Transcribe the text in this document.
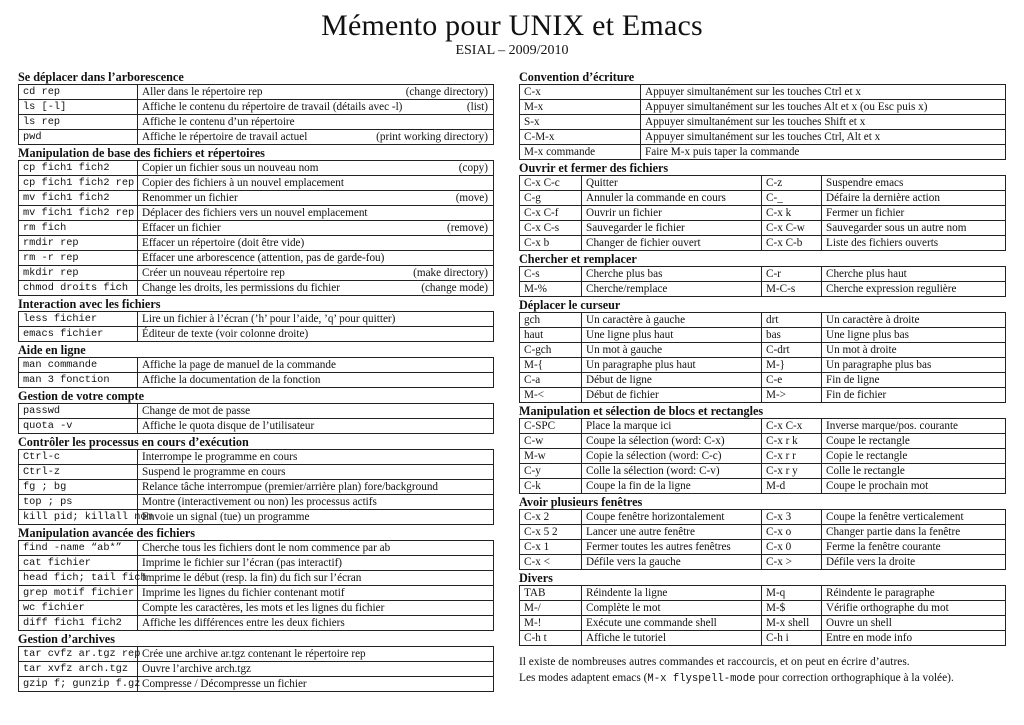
Mémento pour UNIX et Emacs
ESIAL – 2009/2010
Se déplacer dans l’arborescence
cd rep	Aller dans le répertoire rep (change directory)

ls [-l]	Affiche le contenu du répertoire de travail (détails avec -l) (list)

ls rep	Affiche le contenu d’un répertoire
pwd	Affiche le répertoire de travail actuel (print working directory)
Manipulation de base des fichiers et répertoires
cp fich1 fich2	Copier un fichier sous un nouveau nom (copy)

cp fich1 fich2 rep	Copier des fichiers à un nouvel emplacement
mv fich1 fich2	Renommer un fichier (move)

mv fich1 fich2 rep	Déplacer des fichiers vers un nouvel emplacement
rm fich	Effacer un fichier (remove)

rmdir rep	Effacer un répertoire (doit être vide)
rm -r rep	Effacer une arborescence (attention, pas de garde-fou)
mkdir rep	Créer un nouveau répertoire rep (make directory)

chmod droits fich	Change les droits, les permissions du fichier (change mode)
Interaction avec les fichiers
less fichier	Lire un fichier à l’écran (’h’ pour l’aide, ’q’ pour quitter)
emacs fichier	Éditeur de texte (voir colonne droite)
Aide en ligne
man commande	Affiche la page de manuel de la commande
man 3 fonction	Affiche la documentation de la fonction
Gestion de votre compte
passwd	Change de mot de passe
quota -v	Affiche le quota disque de l’utilisateur
Contrôler les processus en cours d’exécution
Ctrl-c	Interrompe le programme en cours
Ctrl-z	Suspend le programme en cours
fg ; bg	Relance tâche interrompue (premier/arrière plan) fore/background
top ; ps	Montre (interactivement ou non) les processus actifs
kill pid; killall nom	Envoie un signal (tue) un programme
Manipulation avancée des fichiers
find -name “ab*”	Cherche tous les fichiers dont le nom commence par ab
cat fichier	Imprime le fichier sur l’écran (pas interactif)
head fich; tail fich	Imprime le début (resp. la fin) du fich sur l’écran
grep motif fichier	Imprime les lignes du fichier contenant motif
wc fichier	Compte les caractères, les mots et les lignes du fichier
diff fich1 fich2	Affiche les différences entre les deux fichiers
Gestion d’archives
tar cvfz ar.tgz rep	Crée une archive ar.tgz contenant le répertoire rep
tar xvfz arch.tgz	Ouvre l’archive arch.tgz
gzip f; gunzip f.gz	Compresse / Décompresse un fichier
Convention d’écriture
C-x	Appuyer simultanément sur les touches Ctrl et x
M-x	Appuyer simultanément sur les touches Alt et x (ou Esc puis x)
S-x	Appuyer simultanément sur les touches Shift et x
C-M-x	Appuyer simultanément sur les touches Ctrl, Alt et x
M-x commande	Faire M-x puis taper la commande
Ouvrir et fermer des fichiers
C-x C-c	Quitter	C-z	Suspendre emacs
C-g	Annuler la commande en cours	C-_	Défaire la dernière action
C-x C-f	Ouvrir un fichier	C-x k	Fermer un fichier
C-x C-s	Sauvegarder le fichier	C-x C-w	Sauvegarder sous un autre nom
C-x b	Changer de fichier ouvert	C-x C-b	Liste des fichiers ouverts
Chercher et remplacer
C-s	Cherche plus bas	C-r	Cherche plus haut
M-%	Cherche/remplace	M-C-s	Cherche expression regulière
Déplacer le curseur
gch	Un caractère à gauche	drt	Un caractère à droite
haut	Une ligne plus haut	bas	Une ligne plus bas
C-gch	Un mot à gauche	C-drt	Un mot à droite
M-{	Un paragraphe plus haut	M-}	Un paragraphe plus bas
C-a	Début de ligne	C-e	Fin de ligne
M-<	Début de fichier	M->	Fin de fichier
Manipulation et sélection de blocs et rectangles
C-SPC	Place la marque ici	C-x C-x	Inverse marque/pos. courante
C-w	Coupe la sélection (word: C-x)	C-x r k	Coupe le rectangle
M-w	Copie la sélection (word: C-c)	C-x r r	Copie le rectangle
C-y	Colle la sélection (word: C-v)	C-x r y	Colle le rectangle
C-k	Coupe la fin de la ligne	M-d	Coupe le prochain mot
Avoir plusieurs fenêtres
C-x 2	Coupe fenêtre horizontalement	C-x 3	Coupe la fenêtre verticalement
C-x 5 2	Lancer une autre fenêtre	C-x o	Changer partie dans la fenêtre
C-x 1	Fermer toutes les autres fenêtres	C-x 0	Ferme la fenêtre courante
C-x <	Défile vers la gauche	C-x >	Défile vers la droite
Divers
TAB	Réindente la ligne	M-q	Réindente le paragraphe
M-/	Complète le mot	M-$	Vérifie orthographe du mot
M-!	Exécute une commande shell	M-x shell	Ouvre un shell
C-h t	Affiche le tutoriel	C-h i	Entre en mode info
Il existe de nombreuses autres commandes et raccourcis, et on peut en écrire d’autres.
Les modes adaptent emacs (M-x flyspell-mode pour correction orthographique à la volée).
